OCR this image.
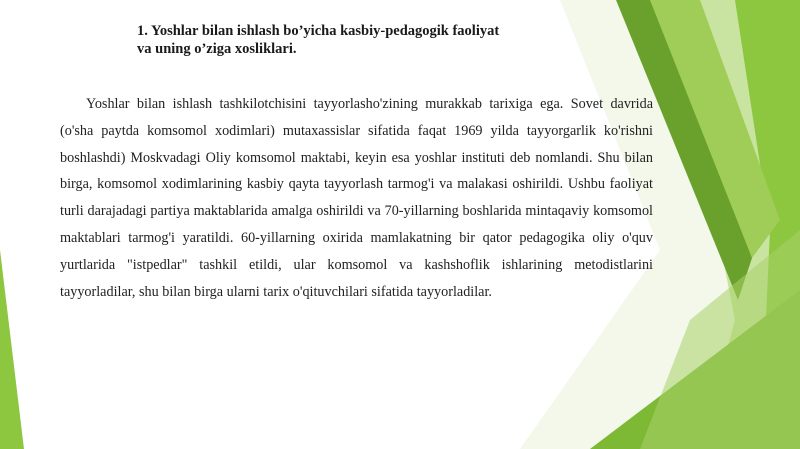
1. Yoshlar bilan ishlash bo’yicha kasbiy-pedagogik faoliyat
va uning o’ziga xosliklari.

Yoshlar bilan ishlash tashkilotchisini tayyorlasho'zining murakkab tarixiga ega. Sovet davrida (o'sha paytda komsomol xodimlari) mutaxassislar sifatida faqat 1969 yilda tayyorgarlik ko'rishni boshlashdi) Moskvadagi Oliy komsomol maktabi, keyin esa yoshlar instituti deb nomlandi. Shu bilan birga, komsomol xodimlarining kasbiy qayta tayyorlash tarmog'i va malakasi oshirildi. Ushbu faoliyat turli darajadagi partiya maktablarida amalga oshirildi va 70-yillarning boshlarida mintaqaviy komsomol maktablari tarmog'i yaratildi. 60-yillarning oxirida mamlakatning bir qator pedagogika oliy o'quv yurtlarida "istpedlar" tashkil etildi, ular komsomol va kashshoflik ishlarining metodistlarini tayyorladilar, shu bilan birga ularni tarix o'qituvchilari sifatida tayyorladilar.
